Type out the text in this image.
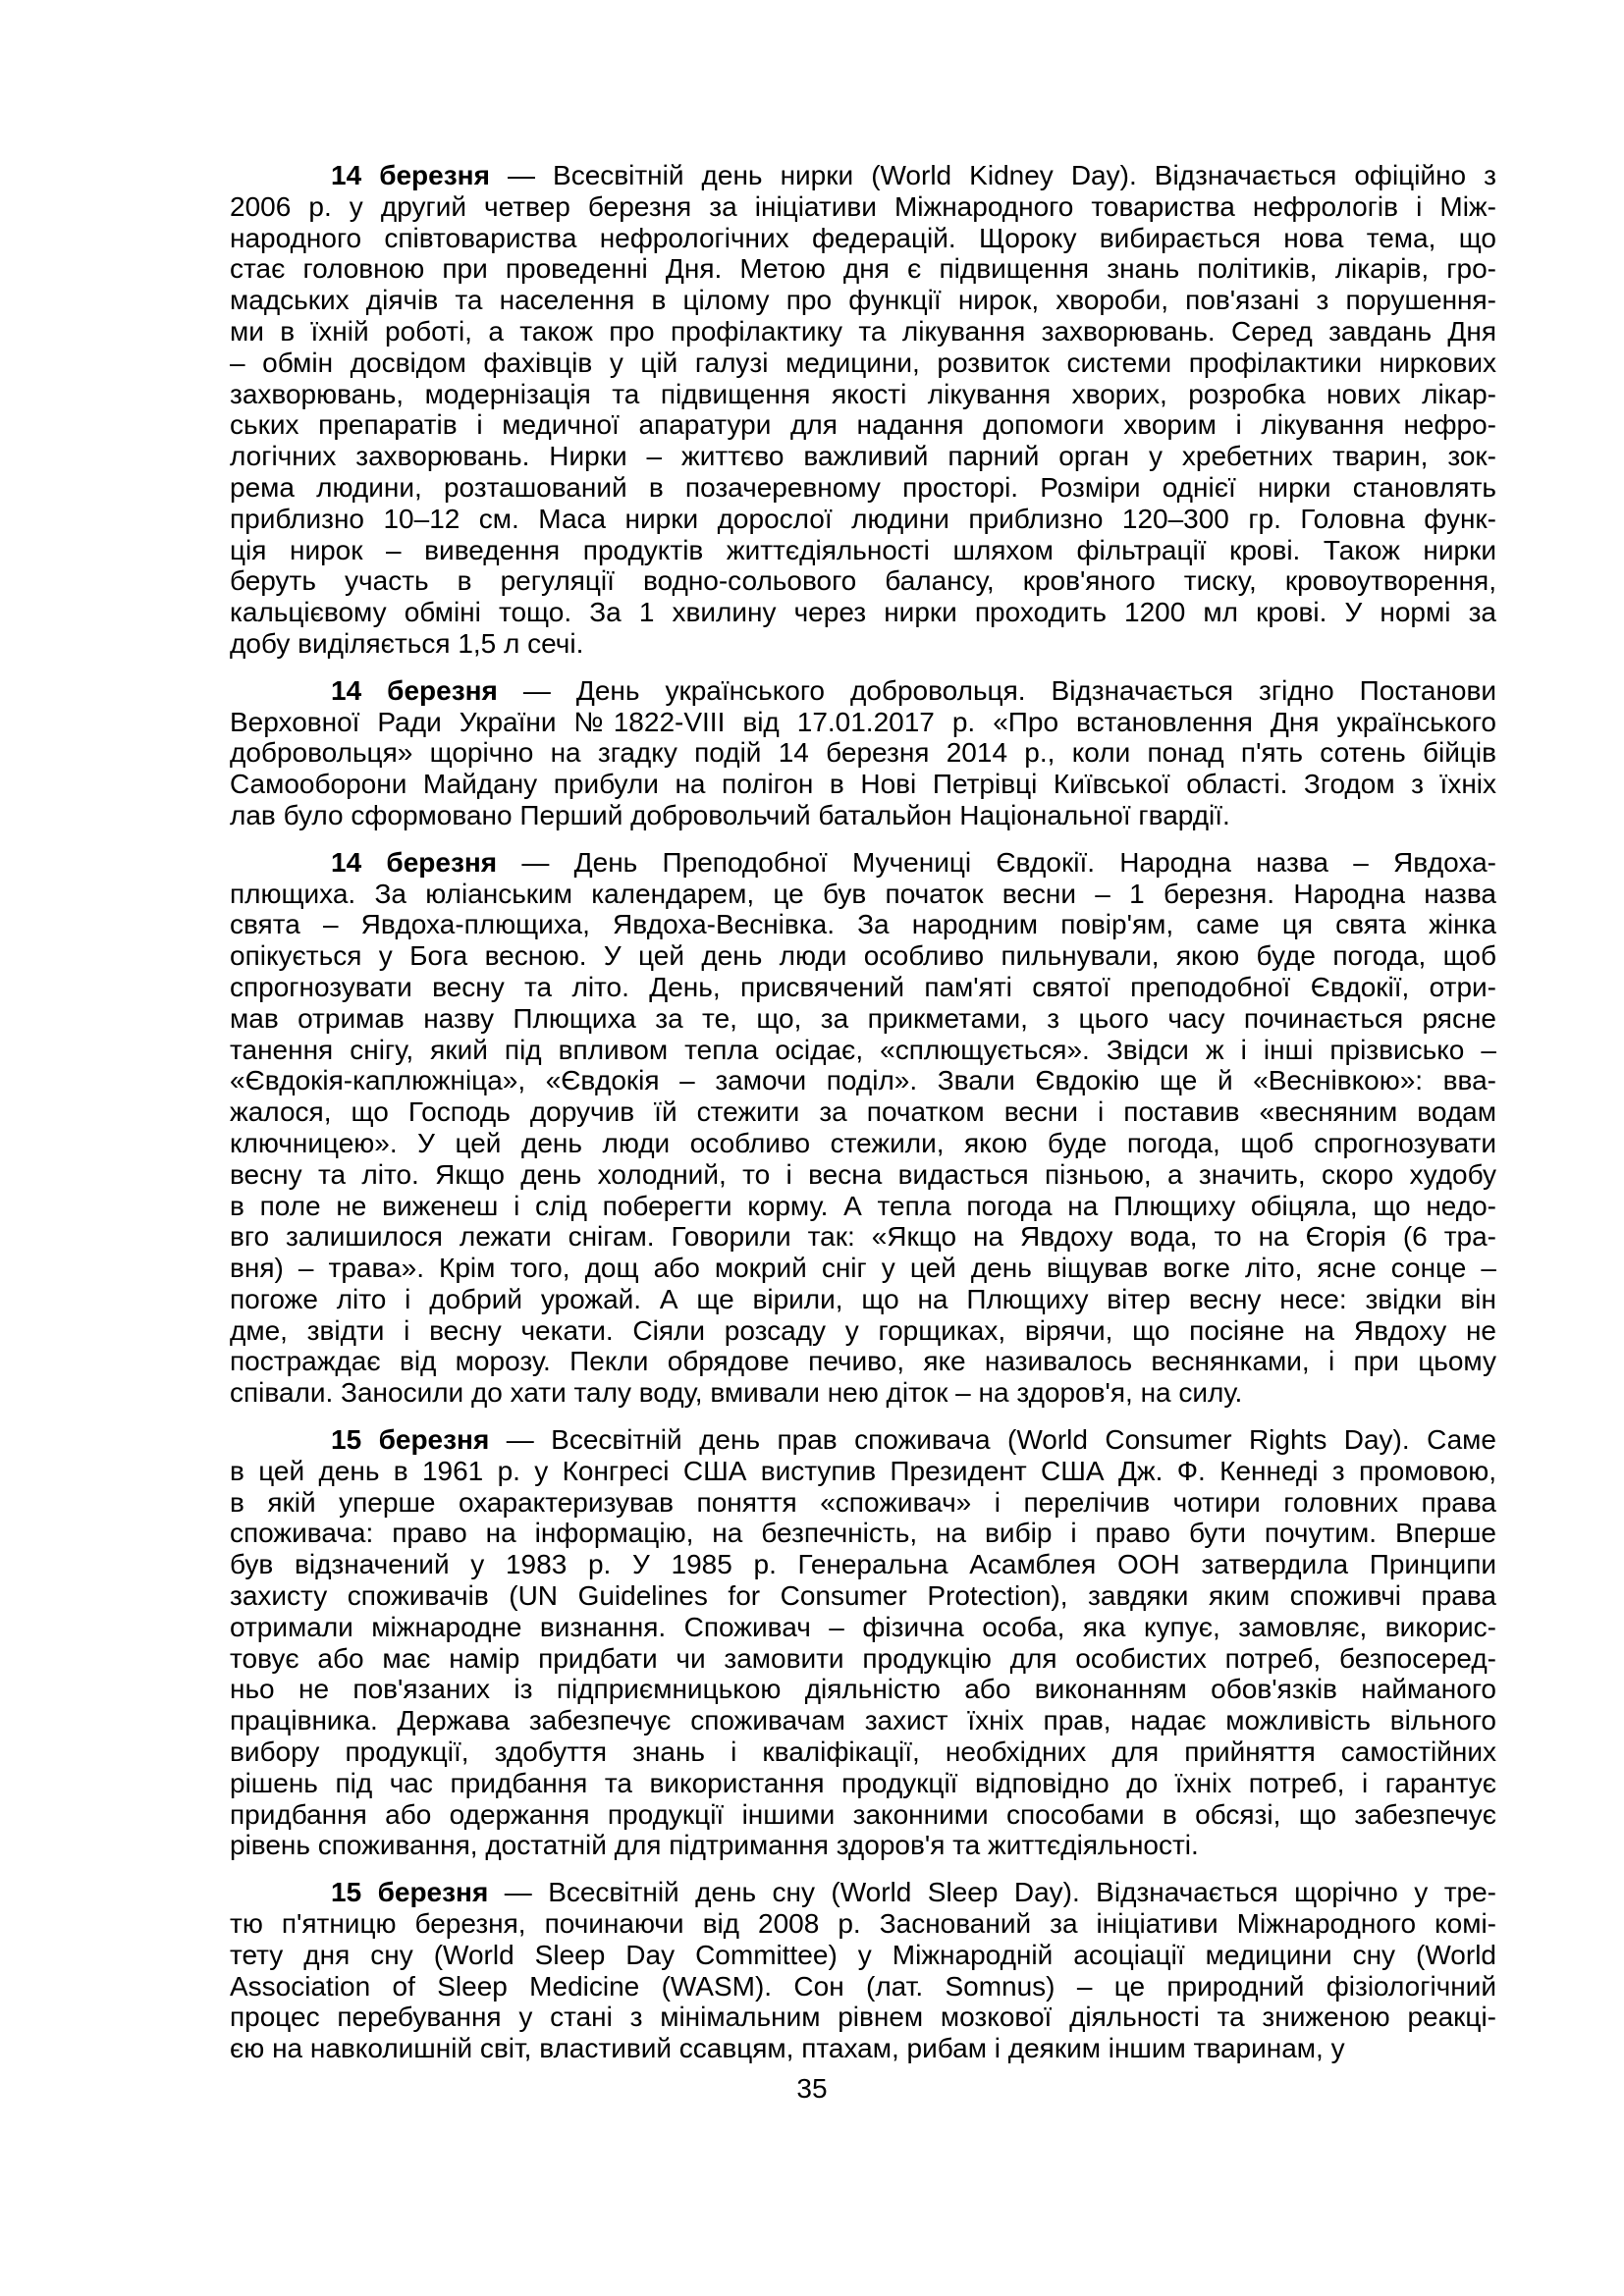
14 березня — Всесвітній день нирки (World Kidney Day). Відзначається офіційно з
2006 р. у другий четвер березня за ініціативи Міжнародного товариства нефрологів і Між-
народного співтовариства нефрологічних федерацій. Щороку вибирається нова тема, що
стає головною при проведенні Дня. Метою дня є підвищення знань політиків, лікарів, гро-
мадських діячів та населення в цілому про функції нирок, хвороби, пов'язані з порушення-
ми в їхній роботі, а також про профілактику та лікування захворювань. Серед завдань Дня
– обмін досвідом фахівців у цій галузі медицини, розвиток системи профілактики ниркових
захворювань, модернізація та підвищення якості лікування хворих, розробка нових лікар-
ських препаратів і медичної апаратури для надання допомоги хворим і лікування нефро-
логічних захворювань. Нирки – життєво важливий парний орган у хребетних тварин, зок-
рема людини, розташований в позачеревному просторі. Розміри однієї нирки становлять
приблизно 10–12 см. Маса нирки дорослої людини приблизно 120–300 гр. Головна функ-
ція нирок – виведення продуктів життєдіяльності шляхом фільтрації крові. Також нирки
беруть участь в регуляції водно-сольового балансу, кров'яного тиску, кровоутворення,
кальцієвому обміні тощо. За 1 хвилину через нирки проходить 1200 мл крові. У нормі за
добу виділяється 1,5 л сечі.
14 березня — День українського добровольця. Відзначається згідно Постанови
Верховної Ради України №1822-VIII від 17.01.2017 р. «Про встановлення Дня українського
добровольця» щорічно на згадку подій 14 березня 2014 р., коли понад п'ять сотень бійців
Самооборони Майдану прибули на полігон в Нові Петрівці Київської області. Згодом з їхніх
лав було сформовано Перший добровольчий батальйон Національної гвардії.
14 березня — День Преподобної Мучениці Євдокії. Народна назва – Явдоха-
плющиха. За юліанським календарем, це був початок весни – 1 березня. Народна назва
свята – Явдоха-плющиха, Явдоха-Веснівка. За народним повір'ям, саме ця свята жінка
опікується у Бога весною. У цей день люди особливо пильнували, якою буде погода, щоб
спрогнозувати весну та літо. День, присвячений пам'яті святої преподобної Євдокії, отри-
мав отримав назву Плющиха за те, що, за прикметами, з цього часу починається рясне
танення снігу, який під впливом тепла осідає, «сплющується». Звідси ж і інші прізвисько –
«Євдокія-каплюжніца», «Євдокія – замочи поділ». Звали Євдокію ще й «Веснівкою»: вва-
жалося, що Господь доручив їй стежити за початком весни і поставив «весняним водам
ключницею». У цей день люди особливо стежили, якою буде погода, щоб спрогнозувати
весну та літо. Якщо день холодний, то і весна видасться пізньою, а значить, скоро худобу
в поле не виженеш і слід поберегти корму. А тепла погода на Плющиху обіцяла, що недо-
вго залишилося лежати снігам. Говорили так: «Якщо на Явдоху вода, то на Єгорія (6 тра-
вня) – трава». Крім того, дощ або мокрий сніг у цей день віщував вогке літо, ясне сонце –
погоже літо і добрий урожай. А ще вірили, що на Плющиху вітер весну несе: звідки він
дме, звідти і весну чекати. Сіяли розсаду у горщиках, вірячи, що посіяне на Явдоху не
постраждає від морозу. Пекли обрядове печиво, яке називалось веснянками, і при цьому
співали. Заносили до хати талу воду, вмивали нею діток – на здоров'я, на силу.
15 березня — Всесвітній день прав споживача (World Consumer Rights Day). Саме
в цей день в 1961 р. у Конгресі США виступив Президент США Дж. Ф. Кеннеді з промовою,
в якій уперше охарактеризував поняття «споживач» і перелічив чотири головних права
споживача: право на інформацію, на безпечність, на вибір і право бути почутим. Вперше
був відзначений у 1983 р. У 1985 р. Генеральна Асамблея ООН затвердила Принципи
захисту споживачів (UN Guidelines for Consumer Protection), завдяки яким споживчі права
отримали міжнародне визнання. Споживач – фізична особа, яка купує, замовляє, викорис-
товує або має намір придбати чи замовити продукцію для особистих потреб, безпосеред-
ньо не пов'язаних із підприємницькою діяльністю або виконанням обов'язків найманого
працівника. Держава забезпечує споживачам захист їхніх прав, надає можливість вільного
вибору продукції, здобуття знань і кваліфікації, необхідних для прийняття самостійних
рішень під час придбання та використання продукції відповідно до їхніх потреб, і гарантує
придбання або одержання продукції іншими законними способами в обсязі, що забезпечує
рівень споживання, достатній для підтримання здоров'я та життєдіяльності.
15 березня — Всесвітній день сну (World Sleep Day). Відзначається щорічно у тре-
тю п'ятницю березня, починаючи від 2008 р. Заснований за ініціативи Міжнародного комі-
тету дня сну (World Sleep Day Committee) у Міжнародній асоціації медицини сну (World
Association of Sleep Medicine (WASM). Сон (лат. Somnus) – це природний фізіологічний
процес перебування у стані з мінімальним рівнем мозкової діяльності та зниженою реакці-
єю на навколишній світ, властивий ссавцям, птахам, рибам і деяким іншим тваринам, у
35
